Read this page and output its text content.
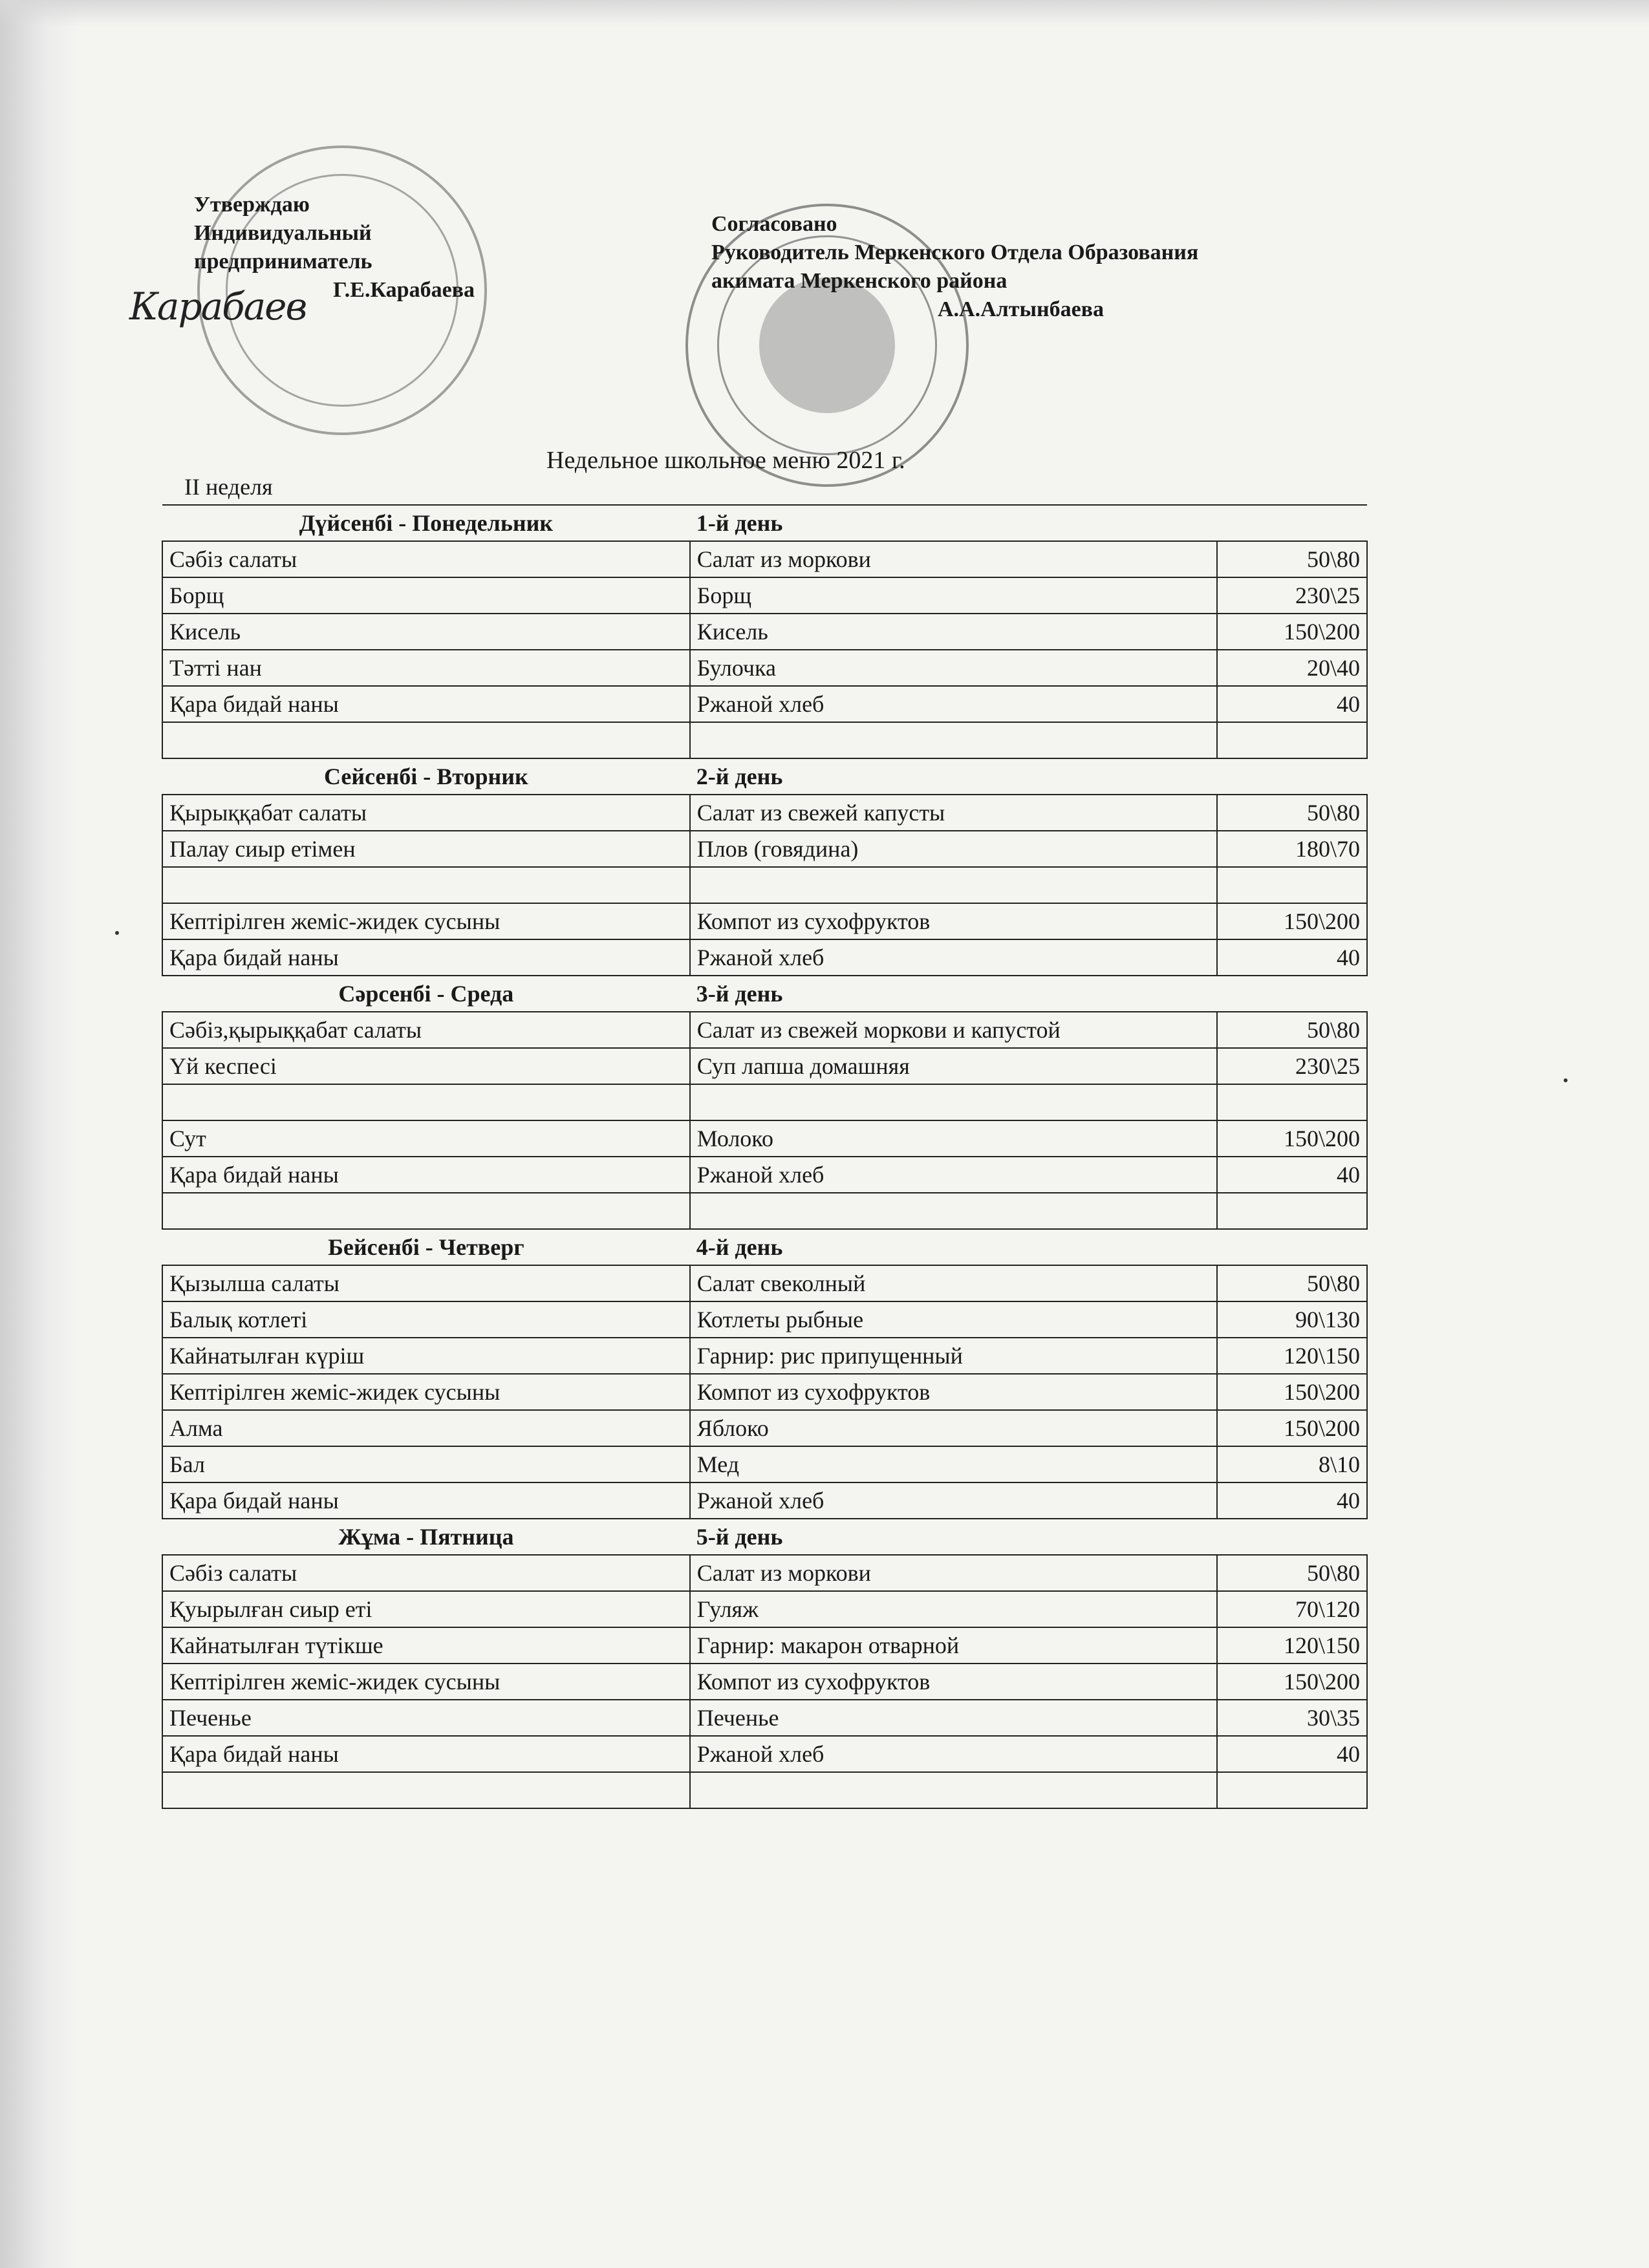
Утверждаю
Индивидуальный
предприниматель
Г.Е.Карабаева
Карабаев
Согласовано
Руководитель Меркенского Отдела Образования
акимата Меркенского района
А.А.Алтынбаева
Недельное школьное меню 2021 г.
II неделя
Дүйсенбі - Понедельник	1-й день	
Сәбіз салаты	Салат из моркови	50\80
Борщ	Борщ	230\25
Кисель	Кисель	150\200
Тәтті нан	Булочка	20\40
Қара бидай наны	Ржаной хлеб	40

Сейсенбі - Вторник	2-й день	
Қырыққабат салаты	Салат из свежей капусты	50\80
Палау сиыр етімен	Плов (говядина)	180\70

Кептірілген жеміс-жидек сусыны	Компот из сухофруктов	150\200
Қара бидай наны	Ржаной хлеб	40
Сәрсенбі - Среда	3-й день	
Сәбіз,қырыққабат салаты	Салат из свежей моркови и капустой	50\80
Үй кеспесі	Суп лапша домашняя	230\25

Сут	Молоко	150\200
Қара бидай наны	Ржаной хлеб	40

Бейсенбі - Четверг	4-й день	
Қызылша салаты	Салат свеколный	50\80
Балық котлеті	Котлеты рыбные	90\130
Кайнатылған күріш	Гарнир: рис припущенный	120\150
Кептірілген жеміс-жидек сусыны	Компот из сухофруктов	150\200
Алма	Яблоко	150\200
Бал	Мед	8\10
Қара бидай наны	Ржаной хлеб	40
Жұма - Пятница	5-й день	
Сәбіз салаты	Салат из моркови	50\80
Қуырылған сиыр еті	Гуляж	70\120
Кайнатылған түтікше	Гарнир: макарон отварной	120\150
Кептірілген жеміс-жидек сусыны	Компот из сухофруктов	150\200
Печенье	Печенье	30\35
Қара бидай наны	Ржаной хлеб	40
